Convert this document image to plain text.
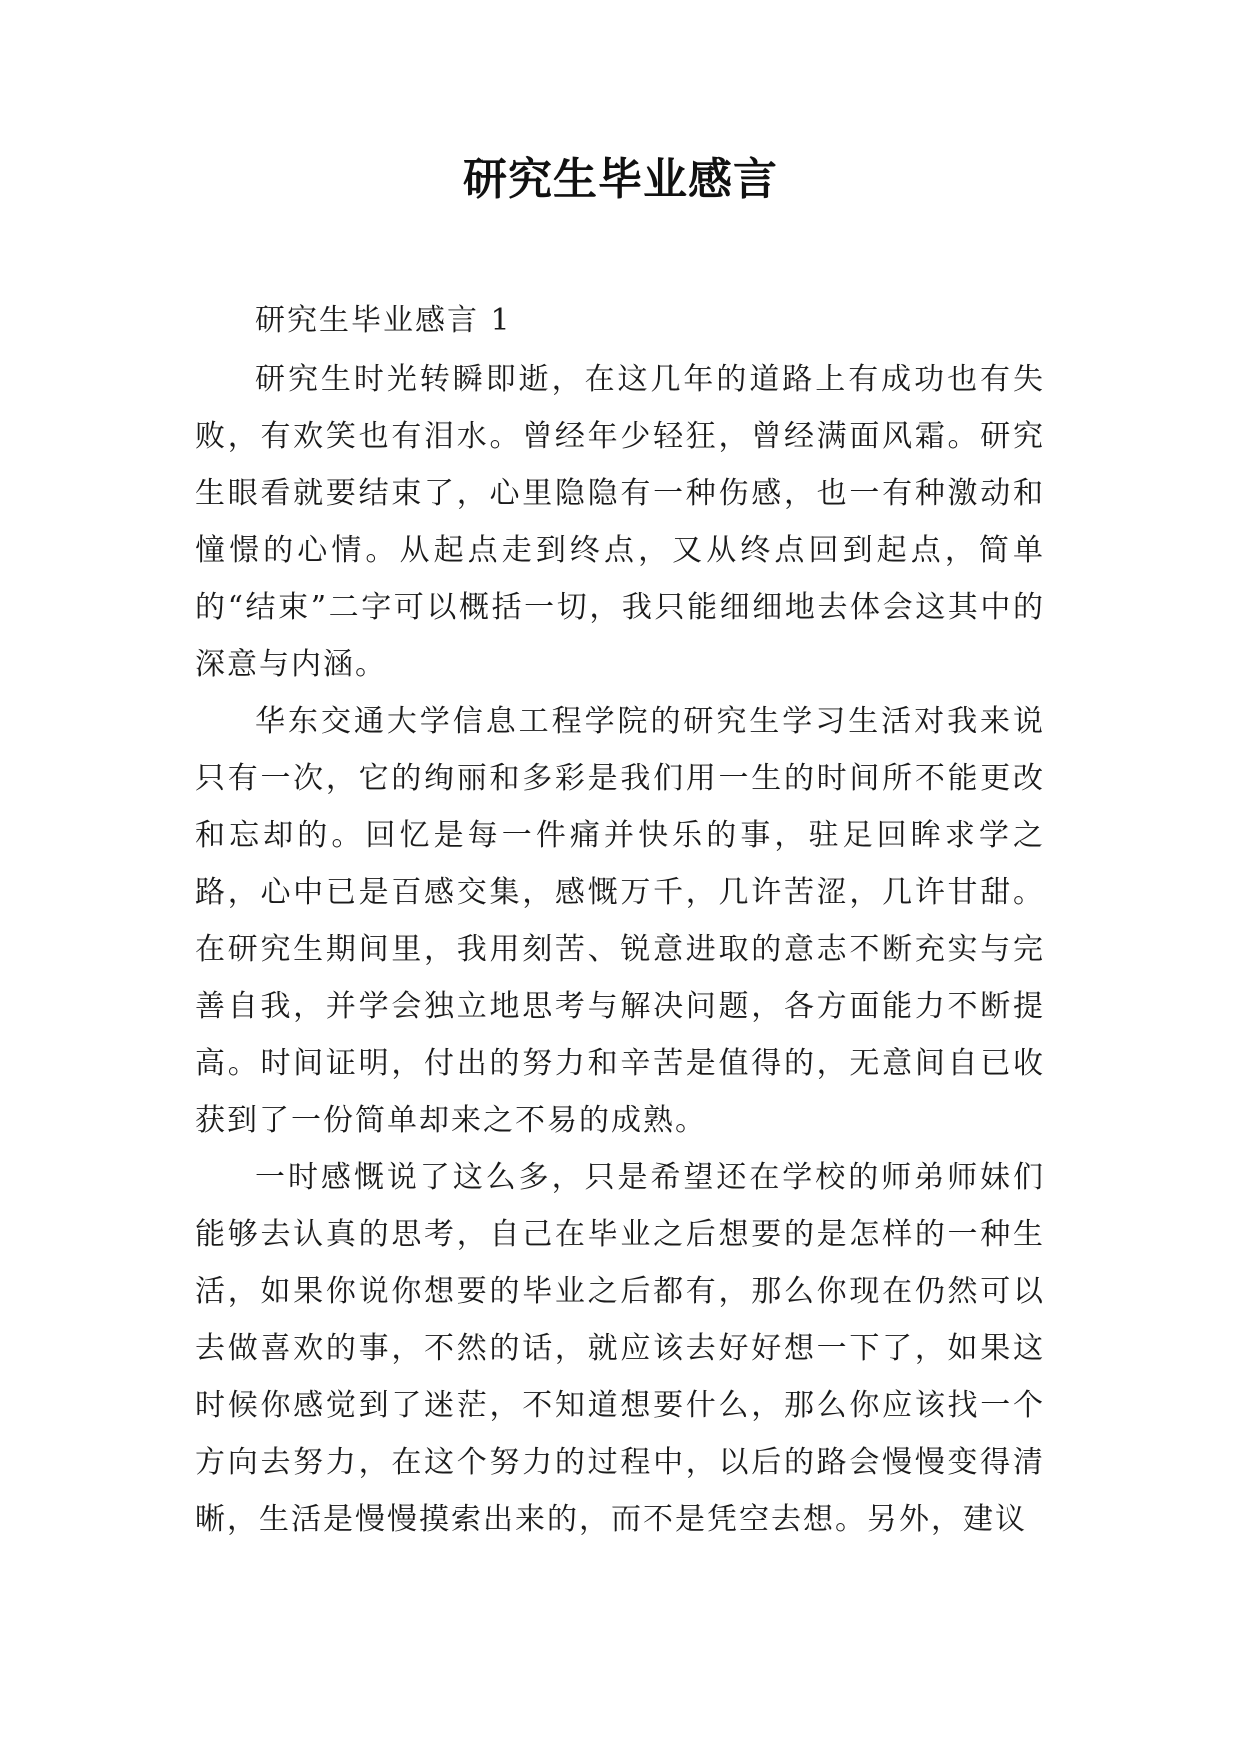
研究生毕业感言

研究生毕业感言 1

研究生时光转瞬即逝，在这几年的道路上有成功也有失败，有欢笑也有泪水。曾经年少轻狂，曾经满面风霜。研究生眼看就要结束了，心里隐隐有一种伤感，也一有种激动和憧憬的心情。从起点走到终点，又从终点回到起点，简单的“结束”二字可以概括一切，我只能细细地去体会这其中的深意与内涵。

华东交通大学信息工程学院的研究生学习生活对我来说只有一次，它的绚丽和多彩是我们用一生的时间所不能更改和忘却的。回忆是每一件痛并快乐的事，驻足回眸求学之路，心中已是百感交集，感慨万千，几许苦涩，几许甘甜。在研究生期间里，我用刻苦、锐意进取的意志不断充实与完善自我，并学会独立地思考与解决问题，各方面能力不断提高。时间证明，付出的努力和辛苦是值得的，无意间自已收获到了一份简单却来之不易的成熟。

一时感慨说了这么多，只是希望还在学校的师弟师妹们能够去认真的思考，自己在毕业之后想要的是怎样的一种生活，如果你说你想要的毕业之后都有，那么你现在仍然可以去做喜欢的事，不然的话，就应该去好好想一下了，如果这时候你感觉到了迷茫，不知道想要什么，那么你应该找一个方向去努力，在这个努力的过程中，以后的路会慢慢变得清晰，生活是慢慢摸索出来的，而不是凭空去想。另外，建议
